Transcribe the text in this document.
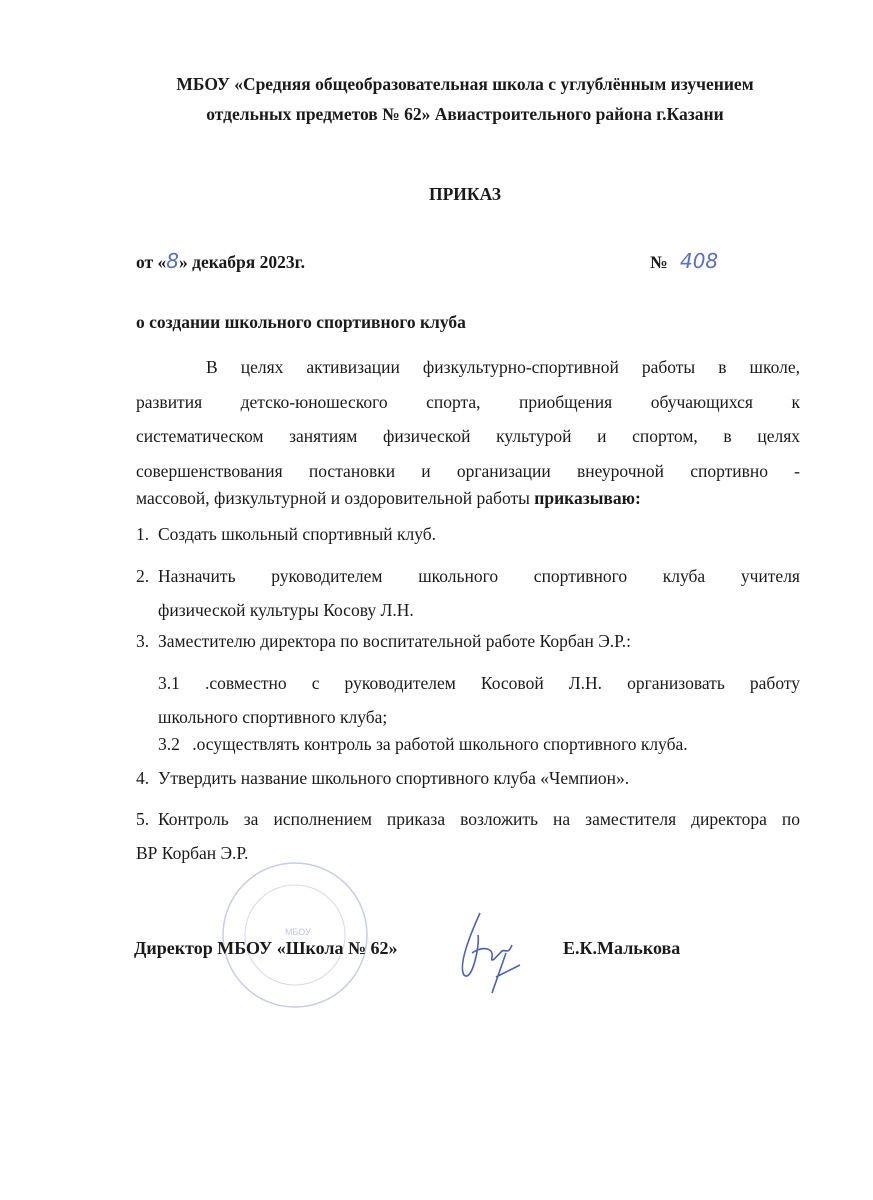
МБОУ «Средняя общеобразовательная школа с углублённым изучением
отдельных предметов № 62» Авиастроительного района г.Казани
ПРИКАЗ
от «8» декабря 2023г.	№ 408
о создании школьного спортивного клуба
В целях активизации физкультурно-спортивной работы в школе,
развития детско-юношеского спорта, приобщения обучающихся к
систематическом занятиям физической культурой и спортом, в целях
совершенствования постановки и организации внеурочной спортивно -
массовой, физкультурной и оздоровительной работы приказываю:
1. Создать школьный спортивный клуб.
2. Назначить руководителем школьного спортивного клуба учителя
физической культуры Косову Л.Н.
3. Заместителю директора по воспитательной работе Корбан Э.Р.:
3.1 .совместно с руководителем Косовой Л.Н. организовать работу
школьного спортивного клуба;
3.2 .осуществлять контроль за работой школьного спортивного клуба.
4. Утвердить название школьного спортивного клуба «Чемпион».
5. Контроль за исполнением приказа возложить на заместителя директора по
ВР Корбан Э.Р.
МБОУ
Директор МБОУ «Школа № 62»	Е.К.Малькова
